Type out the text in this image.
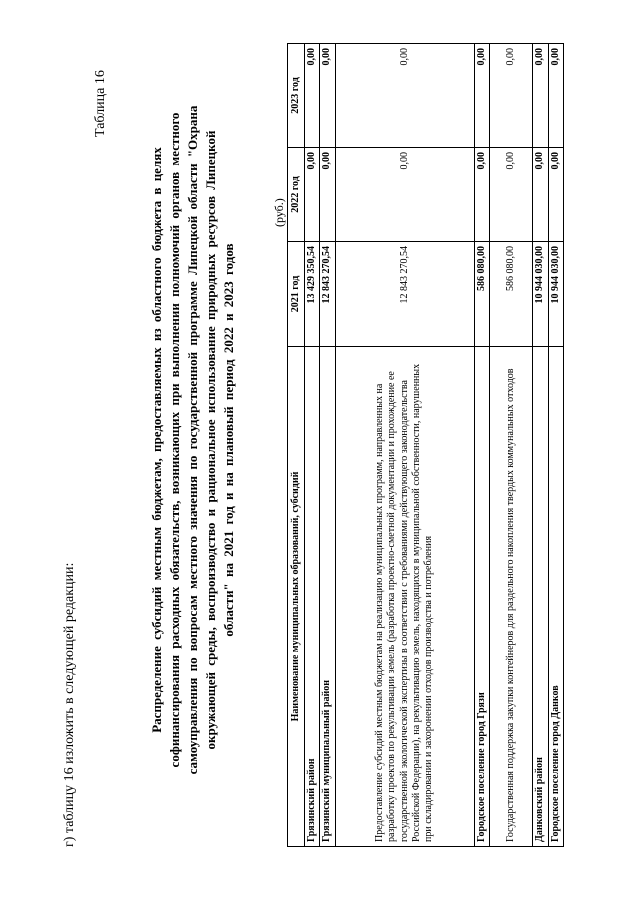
г) таблицу 16 изложить в следующей редакции:
Таблица 16
Распределение субсидий местным бюджетам, предоставляемых из областного бюджета в целях софинансирования расходных обязательств, возникающих при выполнении полномочий органов местного самоуправления по вопросам местного значения по государственной программе Липецкой области "Охрана окружающей среды, воспроизводство и рациональное использование природных ресурсов Липецкой области" на 2021 год и на плановый период 2022 и 2023 годов
(руб.)
Наименование муниципальных образований, субсидий	2021 год	2022 год	2023 год
Грязинский район	13 429 350,54	0,00	0,00
Грязинский муниципальный район	12 843 270,54	0,00	0,00
Предоставление субсидий местным бюджетам на реализацию муниципальных программ, направленных на разработку проектов по рекультивации земель (разработка проектно-сметной документации и прохождение ее государственной экологической экспертизы в соответствии с требованиями действующего законодательства Российской Федерации), на рекультивацию земель, находящихся в муниципальной собственности, нарушенных при складировании и захоронении отходов производства и потребления	12 843 270,54	0,00	0,00
Городское поселение город Грязи	586 080,00	0,00	0,00
Государственная поддержка закупки контейнеров для раздельного накопления твердых коммунальных отходов	586 080,00	0,00	0,00
Данковский район	10 944 030,00	0,00	0,00
Городское поселение город Данков	10 944 030,00	0,00	0,00
